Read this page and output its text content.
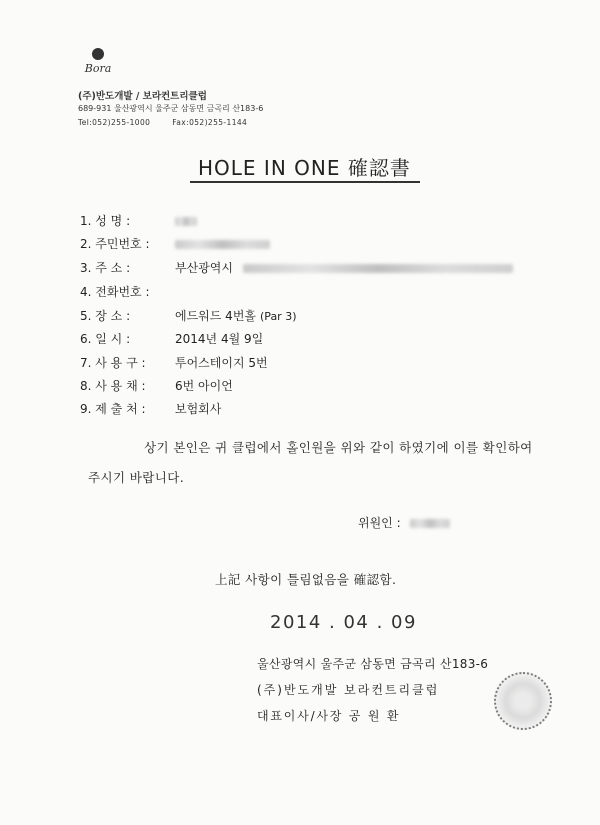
Bora
(주)반도개발 / 보라컨트리클럽
689-931 울산광역시 울주군 삼동면 금곡리 산183-6
Tel:052)255-1000	Fax:052)255-1144
HOLE IN ONE 確認書
1. 성 명 :
2. 주민번호 :
3. 주 소 :	부산광역시
4. 전화번호 :
5. 장 소 :	에드워드 4번홀 (Par 3)
6. 일 시 :	2014년 4월 9일
7. 사 용 구 : 투어스테이지 5번
8. 사 용 채 : 6번 아이언
9. 제 출 처 : 보험회사
상기 본인은 귀 클럽에서 홀인원을 위와 같이 하였기에 이를 확인하여 주시기 바랍니다.
위원인 :
上記 사항이 틀림없음을 確認함.
2014 . 04 . 09
울산광역시 울주군 삼동면 금곡리 산183-6
(주)반도개발 보라컨트리클럽
대표이사/사장 공 원 환
